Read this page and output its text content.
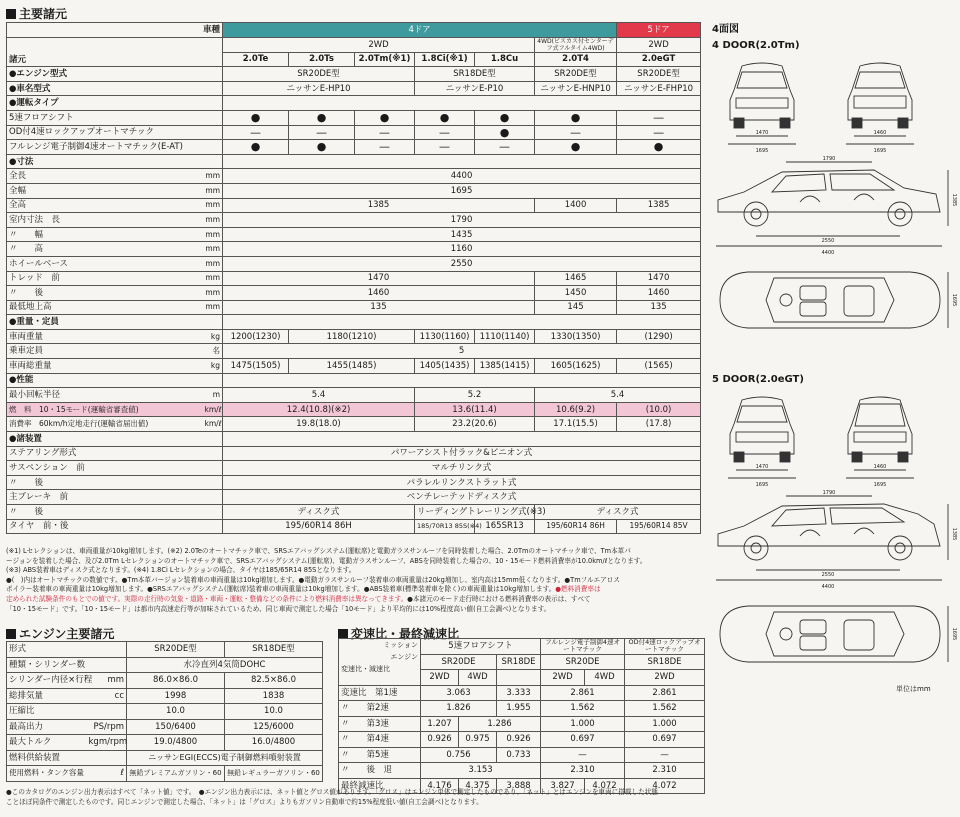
主要諸元
車種		4ドア						5ドア
諸元		2WD					4WD(ビスカス付センターデフ式フルタイム4WD)	2WD
		2.0Te	2.0Ts	2.0Tm(※1)	1.8Ci(※1)	1.8Cu	2.0T4	2.0eGT
●エンジン型式		SR20DE型			SR18DE型		SR20DE型	SR20DE型
●車名型式		ニッサンE-HP10			ニッサンE-P10		ニッサンE-HNP10	ニッサンE-FHP10
●運転タイプ								
5速フロアシフト		●	●	●	●	●	●	—
OD付4速ロックアップオートマチック		—	—	—	—	●	—	—
フルレンジ電子制御4速オートマチック(E-AT)		●	●	—	—	—	●	●
●寸法								
全長	mm	4400						
全幅	mm	1695						
全高	mm	1385					1400	1385
室内寸法　長	mm	1790						
〃　　幅	mm	1435						
〃　　高	mm	1160						
ホイールベース	mm	2550						
トレッド　前	mm	1470					1465	1470
〃　　後	mm	1460					1450	1460
最低地上高	mm	135					145	135
●重量・定員								
車両重量	kg	1200(1230)	1180(1210)		1130(1160)	1110(1140)	1330(1350)	(1290)
乗車定員	名	5						
車両総重量	kg	1475(1505)	1455(1485)		1405(1435)	1385(1415)	1605(1625)	(1565)
●性能								
最小回転半径	m	5.4			5.2		5.4	
燃　料　 10・15モード(運輸省審査値)	km/ℓ	12.4(10.8)(※2)			13.6(11.4)		10.6(9.2)	(10.0)
消費率　 60km/h定地走行(運輸省届出値)	km/ℓ	19.8(18.0)			23.2(20.6)		17.1(15.5)	(17.8)
●諸装置								
ステアリング形式		パワーアシスト付ラック&ピニオン式						
サスペンション　前		マルチリンク式						
〃　　後		パラレルリンクストラット式						
主ブレーキ　前		ベンチレーテッドディスク式						
〃　　後		ディスク式			リーディングトレーリング式(※3)		ディスク式	
タイヤ　前・後		195/60R14 86H			185/70R13 85S(※4)	165SR13	195/60R14 86H	195/60R14 85V
(※1) Lセレクションは、車両重量が10kg増加します。(※2) 2.0Teのオートマチック車で、SRSエアバッグシステム(運転席)と電動ガラスサンルーフを同時装着した場合、2.0Tmのオートマチック車で、Tm本革パ
ージョンを装着した場合、及び2.0Tm Lセレクションのオートマチック車で、SRSエアバッグシステム(運転席)、電動ガラスサンルーフ、ABSを同時装着した場合の、10・15モード燃料消費率が10.0km/ℓとなります。
(※3) ABS装着車はディスク式となります。(※4) 1.8Ci Lセレクションの場合、タイヤは185/65R14 85Sとなります。
●(　)内はオートマチックの数値です。●Tm本革バージョン装着車の車両重量は10kg増加します。●電動ガラスサンルーフ装着車の車両重量は20kg増加し、室内高は15mm低くなります。●Tmフルエアロス
ポイラー装着車の車両重量は10kg増加します。●SRSエアバッグシステム(運転席)装着車の車両重量は10kg増加します。●ABS装着車(標準装着車を除く)の車両重量は10kg増加します。●燃料消費率は
定められた試験条件のもとでの値です。実際の走行時の気象・道路・車両・運転・整備などの条件により燃料消費率は異なってきます。●本諸元のモード走行時における燃料消費率の表示は、すべて
「10・15モード」です。「10・15モード」は都市内高速走行等が加味されているため、同じ車両で測定した場合「10モード」より平均的には10%程度高い値(自工会調べ)となります。
エンジン主要諸元
形式		SR20DE型	SR18DE型
種類・シリンダー数		水冷直列4気筒DOHC	
シリンダー内径×行程	mm	86.0×86.0	82.5×86.0
総排気量	cc	1998	1838
圧縮比		10.0	10.0
最高出力	PS/rpm	150/6400	125/6000
最大トルク	kgm/rpm	19.0/4800	16.0/4800
燃料供給装置		ニッサンEGI(ECCS)電子制御燃料噴射装置	
使用燃料・タンク容量	ℓ	無鉛プレミアムガソリン・60	無鉛レギュラーガソリン・60
変速比・最終減速比
ミッション
エンジン
変速比・減速比	5速フロアシフト			フルレンジ電子制御4速オートマチック		OD付4速ロックアップオートマチック
	SR20DE		SR18DE	SR20DE		SR18DE
	2WD	4WD		2WD	4WD	2WD
変速比　第1速	3.063		3.333	2.861		2.861
〃　　第2速	1.826		1.955	1.562		1.562
〃　　第3速	1.207	1.286		1.000		1.000
〃　　第4速	0.926	0.975	0.926	0.697		0.697
〃　　第5速	0.756		0.733	—		—
〃　　後　退	3.153			2.310		2.310
最終減速比	4.176	4.375	3.888	3.827	4.072	4.072
●このカタログのエンジン出力表示はすべて「ネット値」です。　 ●エンジン出力表示には、ネット値とグロス値があります。「グロス」はエンジン単体で測定したものであり、「ネット」とはエンジンを車両に搭載した状態
ことほぼ同条件で測定したものです。同じエンジンで測定した場合、「ネット」は「グロス」よりもガソリン自動車で約15%程度低い値(自工会調べ)となります。
4面図
4 DOOR(2.0Tm)
5 DOOR(2.0eGT)
単位はmm
1470
1695
1460
1695
1790
2550
4400
1385
1695
1470
1695
1460
1695
1790
2550
4400
1385
1695
